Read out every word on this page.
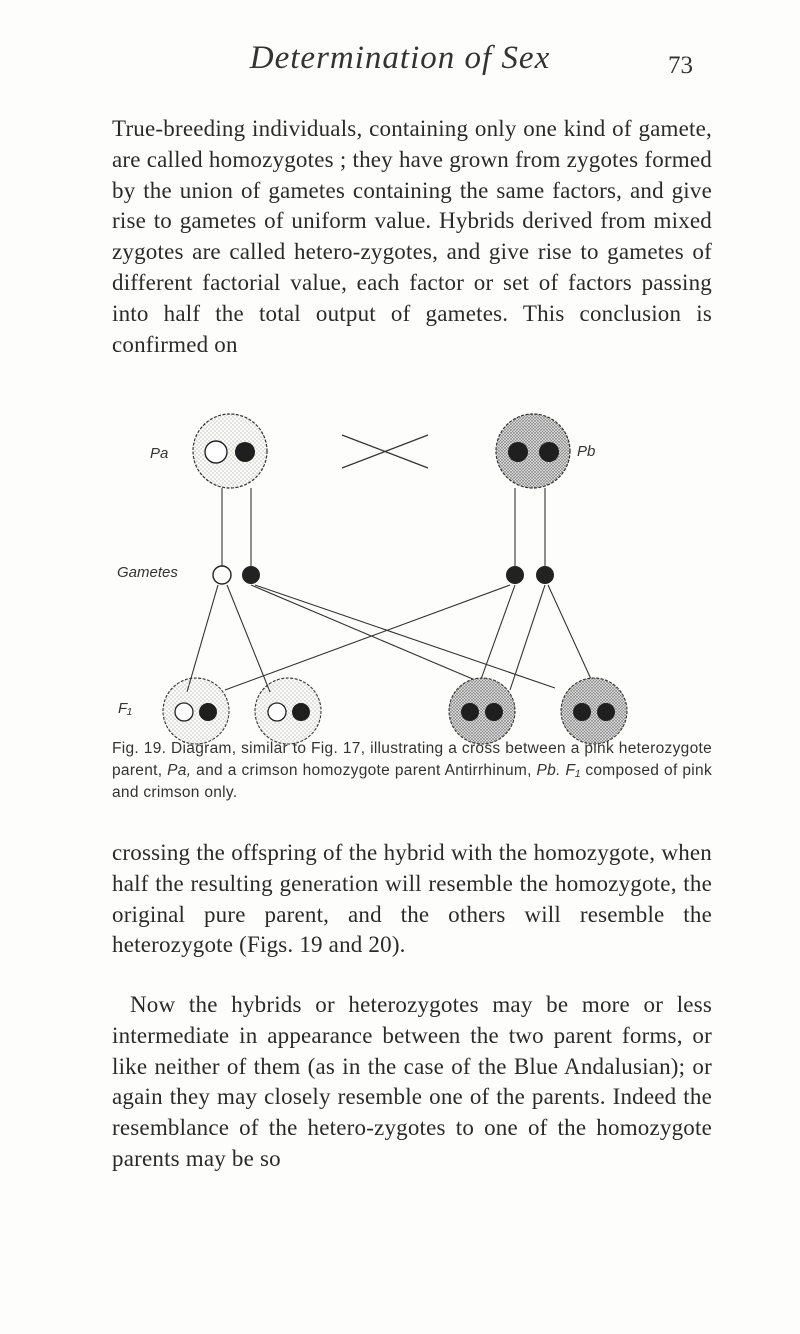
Determination of Sex	73

True-breeding individuals, containing only one kind of gamete, are called homozygotes ; they have grown from zygotes formed by the union of gametes containing the same factors, and give rise to gametes of uniform value. Hybrids derived from mixed zygotes are called hetero-zygotes, and give rise to gametes of different factorial value, each factor or set of factors passing into half the total output of gametes. This conclusion is confirmed on

Pa	Pb
Gametes
F₁

Fig. 19. Diagram, similar to Fig. 17, illustrating a cross between a pink heterozygote parent, Pa, and a crimson homozygote parent Antirrhinum, Pb. F₁ composed of pink and crimson only.

crossing the offspring of the hybrid with the homozygote, when half the resulting generation will resemble the homozygote, the original pure parent, and the others will resemble the heterozygote (Figs. 19 and 20).

Now the hybrids or heterozygotes may be more or less intermediate in appearance between the two parent forms, or like neither of them (as in the case of the Blue Andalusian); or again they may closely resemble one of the parents. Indeed the resemblance of the hetero-zygotes to one of the homozygote parents may be so
